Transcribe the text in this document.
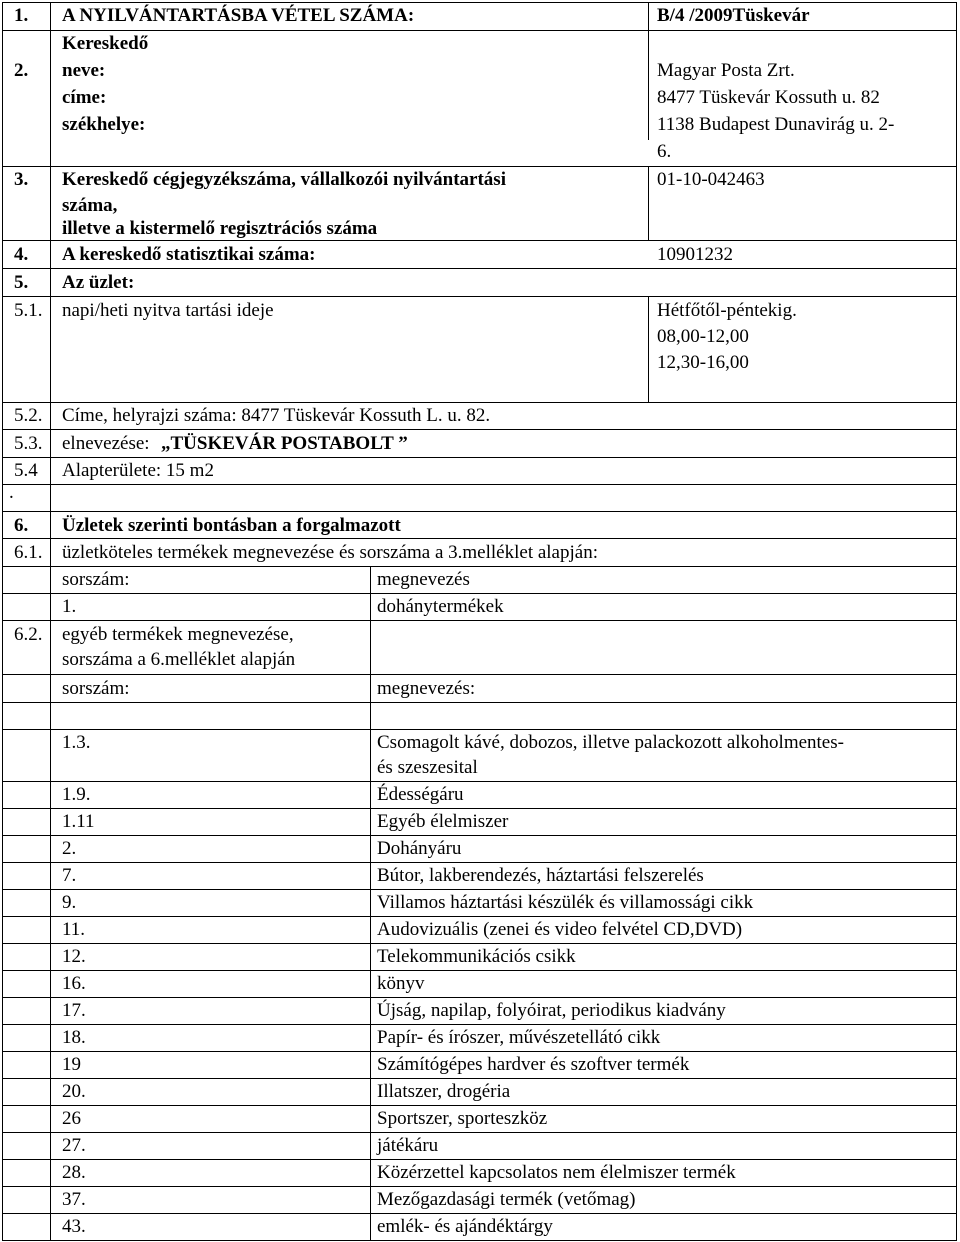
1. A NYILVÁNTARTÁSBA VÉTEL SZÁMA:	B/4 /2009Tüskevár
Kereskedő
2. neve:	Magyar Posta Zrt.
címe:	8477 Tüskevár Kossuth u. 82
székhelye:	1138 Budapest Dunavirág u. 2-
6.
3. Kereskedő cégjegyzékszáma, vállalkozói nyilvántartási
száma,
illetve a kistermelő regisztrációs száma
01-10-042463
4. A kereskedő statisztikai száma:	10901232
5. Az üzlet:
5.1. napi/heti nyitva tartási ideje	Hétfőtől-péntekig.
08,00-12,00
12,30-16,00
5.2. Címe, helyrajzi száma: 8477 Tüskevár Kossuth L. u. 82.
5.3. elnevezése: „TÜSKEVÁR POSTABOLT ”
5.4 Alapterülete: 15 m2
.
6. Üzletek szerinti bontásban a forgalmazott
6.1. üzletköteles termékek megnevezése és sorszáma a 3.melléklet alapján:
sorszám:	megnevezés
1.	dohánytermékek
6.2. egyéb termékek megnevezése,
sorszáma a 6.melléklet alapján
sorszám:	megnevezés:
1.3.	Csomagolt kávé, dobozos, illetve palackozott alkoholmentes-
és szeszesital
1.9.	Édességáru
1.11	Egyéb élelmiszer
2.	Dohányáru
7.	Bútor, lakberendezés, háztartási felszerelés
9.	Villamos háztartási készülék és villamossági cikk
11.	Audovizuális (zenei és video felvétel CD,DVD)
12.	Telekommunikációs csikk
16.	könyv
17.	Újság, napilap, folyóirat, periodikus kiadvány
18.	Papír- és írószer, művészetellátó cikk
19	Számítógépes hardver és szoftver termék
20.	Illatszer, drogéria
26	Sportszer, sporteszköz
27.	játékáru
28.	Közérzettel kapcsolatos nem élelmiszer termék
37.	Mezőgazdasági termék (vetőmag)
43.	emlék- és ajándéktárgy
